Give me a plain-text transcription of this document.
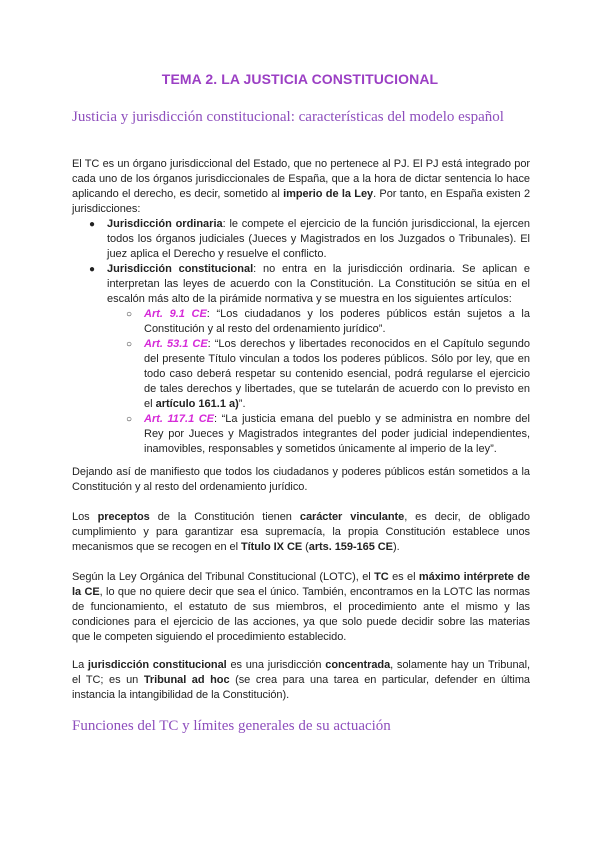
TEMA 2. LA JUSTICIA CONSTITUCIONAL
Justicia y jurisdicción constitucional: características del modelo español
El TC es un órgano jurisdiccional del Estado, que no pertenece al PJ. El PJ está integrado por cada uno de los órganos jurisdiccionales de España, que a la hora de dictar sentencia lo hace aplicando el derecho, es decir, sometido al imperio de la Ley. Por tanto, en España existen 2 jurisdicciones:
● Jurisdicción ordinaria: le compete el ejercicio de la función jurisdiccional, la ejercen todos los órganos judiciales (Jueces y Magistrados en los Juzgados o Tribunales). El juez aplica el Derecho y resuelve el conflicto.
● Jurisdicción constitucional: no entra en la jurisdicción ordinaria. Se aplican e interpretan las leyes de acuerdo con la Constitución. La Constitución se sitúa en el escalón más alto de la pirámide normativa y se muestra en los siguientes artículos:
○ Art. 9.1 CE: “Los ciudadanos y los poderes públicos están sujetos a la Constitución y al resto del ordenamiento jurídico”.
○ Art. 53.1 CE: “Los derechos y libertades reconocidos en el Capítulo segundo del presente Título vinculan a todos los poderes públicos. Sólo por ley, que en todo caso deberá respetar su contenido esencial, podrá regularse el ejercicio de tales derechos y libertades, que se tutelarán de acuerdo con lo previsto en el artículo 161.1 a)”.
○ Art. 117.1 CE: “La justicia emana del pueblo y se administra en nombre del Rey por Jueces y Magistrados integrantes del poder judicial independientes, inamovibles, responsables y sometidos únicamente al imperio de la ley”.
Dejando así de manifiesto que todos los ciudadanos y poderes públicos están sometidos a la Constitución y al resto del ordenamiento jurídico.
Los preceptos de la Constitución tienen carácter vinculante, es decir, de obligado cumplimiento y para garantizar esa supremacía, la propia Constitución establece unos mecanismos que se recogen en el Título IX CE (arts. 159-165 CE).
Según la Ley Orgánica del Tribunal Constitucional (LOTC), el TC es el máximo intérprete de la CE, lo que no quiere decir que sea el único. También, encontramos en la LOTC las normas de funcionamiento, el estatuto de sus miembros, el procedimiento ante el mismo y las condiciones para el ejercicio de las acciones, ya que solo puede decidir sobre las materias que le competen siguiendo el procedimiento establecido.
La jurisdicción constitucional es una jurisdicción concentrada, solamente hay un Tribunal, el TC; es un Tribunal ad hoc (se crea para una tarea en particular, defender en última instancia la intangibilidad de la Constitución).
Funciones del TC y límites generales de su actuación
